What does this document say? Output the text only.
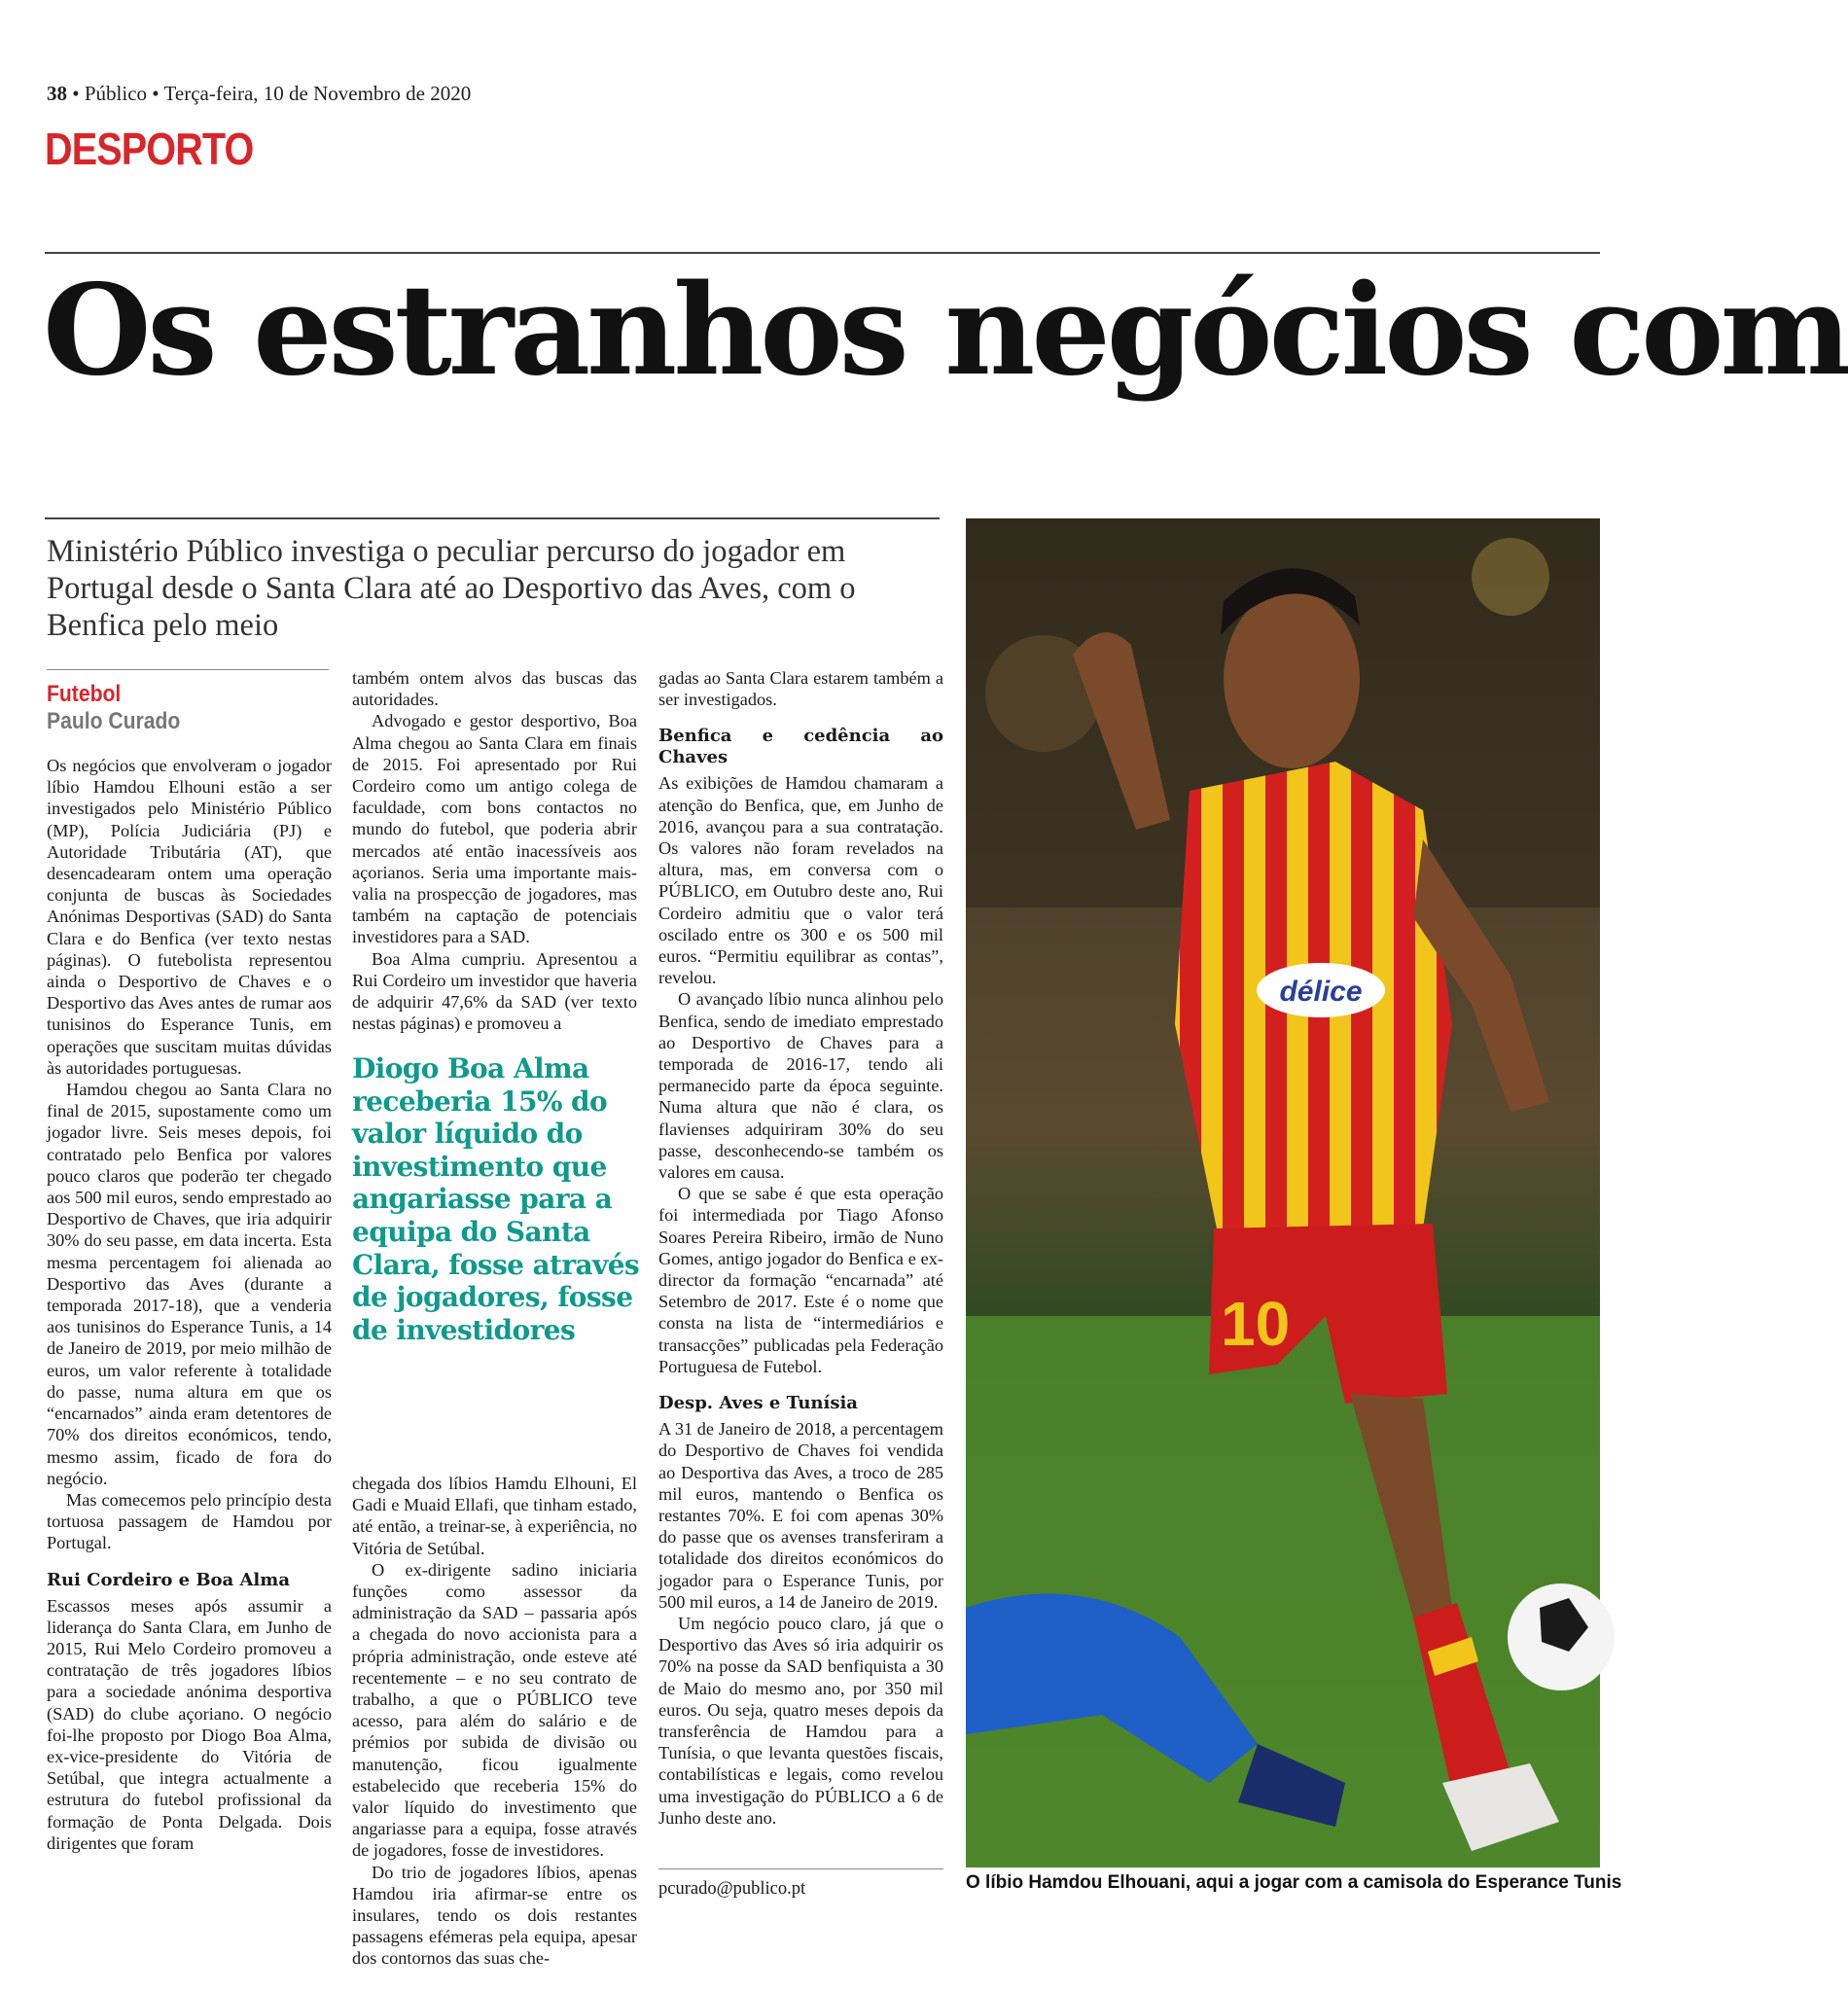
38 • Público • Terça-feira, 10 de Novembro de 2020
DESPORTO
Os estranhos negócios com
Ministério Público investiga o peculiar percurso do jogador em Portugal desde o Santa Clara até ao Desportivo das Aves, com o Benfica pelo meio
Futebol
Paulo Curado

Os negócios que envolveram o jogador líbio Hamdou Elhouni estão a ser investigados pelo Ministério Público (MP), Polícia Judiciária (PJ) e Autoridade Tributária (AT), que desencadearam ontem uma operação conjunta de buscas às Sociedades Anónimas Desportivas (SAD) do Santa Clara e do Benfica (ver texto nestas páginas). O futebolista representou ainda o Desportivo de Chaves e o Desportivo das Aves antes de rumar aos tunisinos do Esperance Tunis, em operações que suscitam muitas dúvidas às autoridades portuguesas.

Hamdou chegou ao Santa Clara no final de 2015, supostamente como um jogador livre. Seis meses depois, foi contratado pelo Benfica por valores pouco claros que poderão ter chegado aos 500 mil euros, sendo emprestado ao Desportivo de Chaves, que iria adquirir 30% do seu passe, em data incerta. Esta mesma percentagem foi alienada ao Desportivo das Aves (durante a temporada 2017-18), que a venderia aos tunisinos do Esperance Tunis, a 14 de Janeiro de 2019, por meio milhão de euros, um valor referente à totalidade do passe, numa altura em que os “encarnados” ainda eram detentores de 70% dos direitos económicos, tendo, mesmo assim, ficado de fora do negócio.

Mas comecemos pelo princípio desta tortuosa passagem de Hamdou por Portugal.

Rui Cordeiro e Boa Alma

Escassos meses após assumir a liderança do Santa Clara, em Junho de 2015, Rui Melo Cordeiro promoveu a contratação de três jogadores líbios para a sociedade anónima desportiva (SAD) do clube açoriano. O negócio foi-lhe proposto por Diogo Boa Alma, ex-vice-presidente do Vitória de Setúbal, que integra actualmente a estrutura do futebol profissional da formação de Ponta Delgada. Dois dirigentes que foram

também ontem alvos das buscas das autoridades.

Advogado e gestor desportivo, Boa Alma chegou ao Santa Clara em finais de 2015. Foi apresentado por Rui Cordeiro como um antigo colega de faculdade, com bons contactos no mundo do futebol, que poderia abrir mercados até então inacessíveis aos açorianos. Seria uma importante mais-valia na prospecção de jogadores, mas também na captação de potenciais investidores para a SAD.

Boa Alma cumpriu. Apresentou a Rui Cordeiro um investidor que haveria de adquirir 47,6% da SAD (ver texto nestas páginas) e promoveu a

Diogo Boa Alma receberia 15% do valor líquido do investimento que angariasse para a equipa do Santa Clara, fosse através de jogadores, fosse de investidores

chegada dos líbios Hamdu Elhouni, El Gadi e Muaid Ellafi, que tinham estado, até então, a treinar-se, à experiência, no Vitória de Setúbal.

O ex-dirigente sadino iniciaria funções como assessor da administração da SAD – passaria após a chegada do novo accionista para a própria administração, onde esteve até recentemente – e no seu contrato de trabalho, a que o PÚBLICO teve acesso, para além do salário e de prémios por subida de divisão ou manutenção, ficou igualmente estabelecido que receberia 15% do valor líquido do investimento que angariasse para a equipa, fosse através de jogadores, fosse de investidores.

Do trio de jogadores líbios, apenas Hamdou iria afirmar-se entre os insulares, tendo os dois restantes passagens efémeras pela equipa, apesar dos contornos das suas che-

gadas ao Santa Clara estarem também a ser investigados.

Benfica e cedência ao Chaves

As exibições de Hamdou chamaram a atenção do Benfica, que, em Junho de 2016, avançou para a sua contratação. Os valores não foram revelados na altura, mas, em conversa com o PÚBLICO, em Outubro deste ano, Rui Cordeiro admitiu que o valor terá oscilado entre os 300 e os 500 mil euros. “Permitiu equilibrar as contas”, revelou.

O avançado líbio nunca alinhou pelo Benfica, sendo de imediato emprestado ao Desportivo de Chaves para a temporada de 2016-17, tendo ali permanecido parte da época seguinte. Numa altura que não é clara, os flavienses adquiriram 30% do seu passe, desconhecendo-se também os valores em causa.

O que se sabe é que esta operação foi intermediada por Tiago Afonso Soares Pereira Ribeiro, irmão de Nuno Gomes, antigo jogador do Benfica e ex-director da formação “encarnada” até Setembro de 2017. Este é o nome que consta na lista de “intermediários e transacções” publicadas pela Federação Portuguesa de Futebol.

Desp. Aves e Tunísia

A 31 de Janeiro de 2018, a percentagem do Desportivo de Chaves foi vendida ao Desportiva das Aves, a troco de 285 mil euros, mantendo o Benfica os restantes 70%. E foi com apenas 30% do passe que os avenses transferiram a totalidade dos direitos económicos do jogador para o Esperance Tunis, por 500 mil euros, a 14 de Janeiro de 2019.

Um negócio pouco claro, já que o Desportivo das Aves só iria adquirir os 70% na posse da SAD benfiquista a 30 de Maio do mesmo ano, por 350 mil euros. Ou seja, quatro meses depois da transferência de Hamdou para a Tunísia, o que levanta questões fiscais, contabilísticas e legais, como revelou uma investigação do PÚBLICO a 6 de Junho deste ano.

pcurado@publico.pt
10
délice
O líbio Hamdou Elhouani, aqui a jogar com a camisola do Esperance Tunis
